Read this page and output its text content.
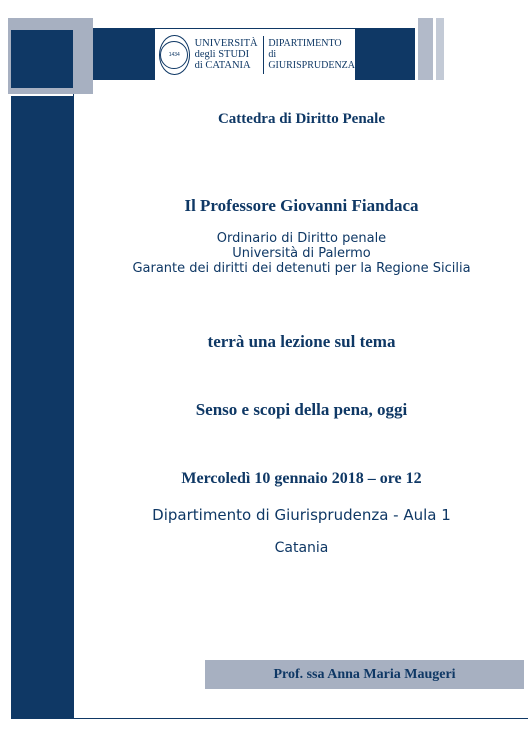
1434
UNIVERSITÀ
degli STUDI
di CATANIA
DIPARTIMENTO
di GIURISPRUDENZA
Cattedra di Diritto Penale
Il Professore Giovanni Fiandaca
Ordinario di Diritto penale
Università di Palermo
Garante dei diritti dei detenuti per la Regione Sicilia
terrà una lezione sul tema
Senso e scopi della pena, oggi
Mercoledì 10 gennaio 2018 – ore 12
Dipartimento di Giurisprudenza - Aula 1
Catania
Prof. ssa Anna Maria Maugeri
